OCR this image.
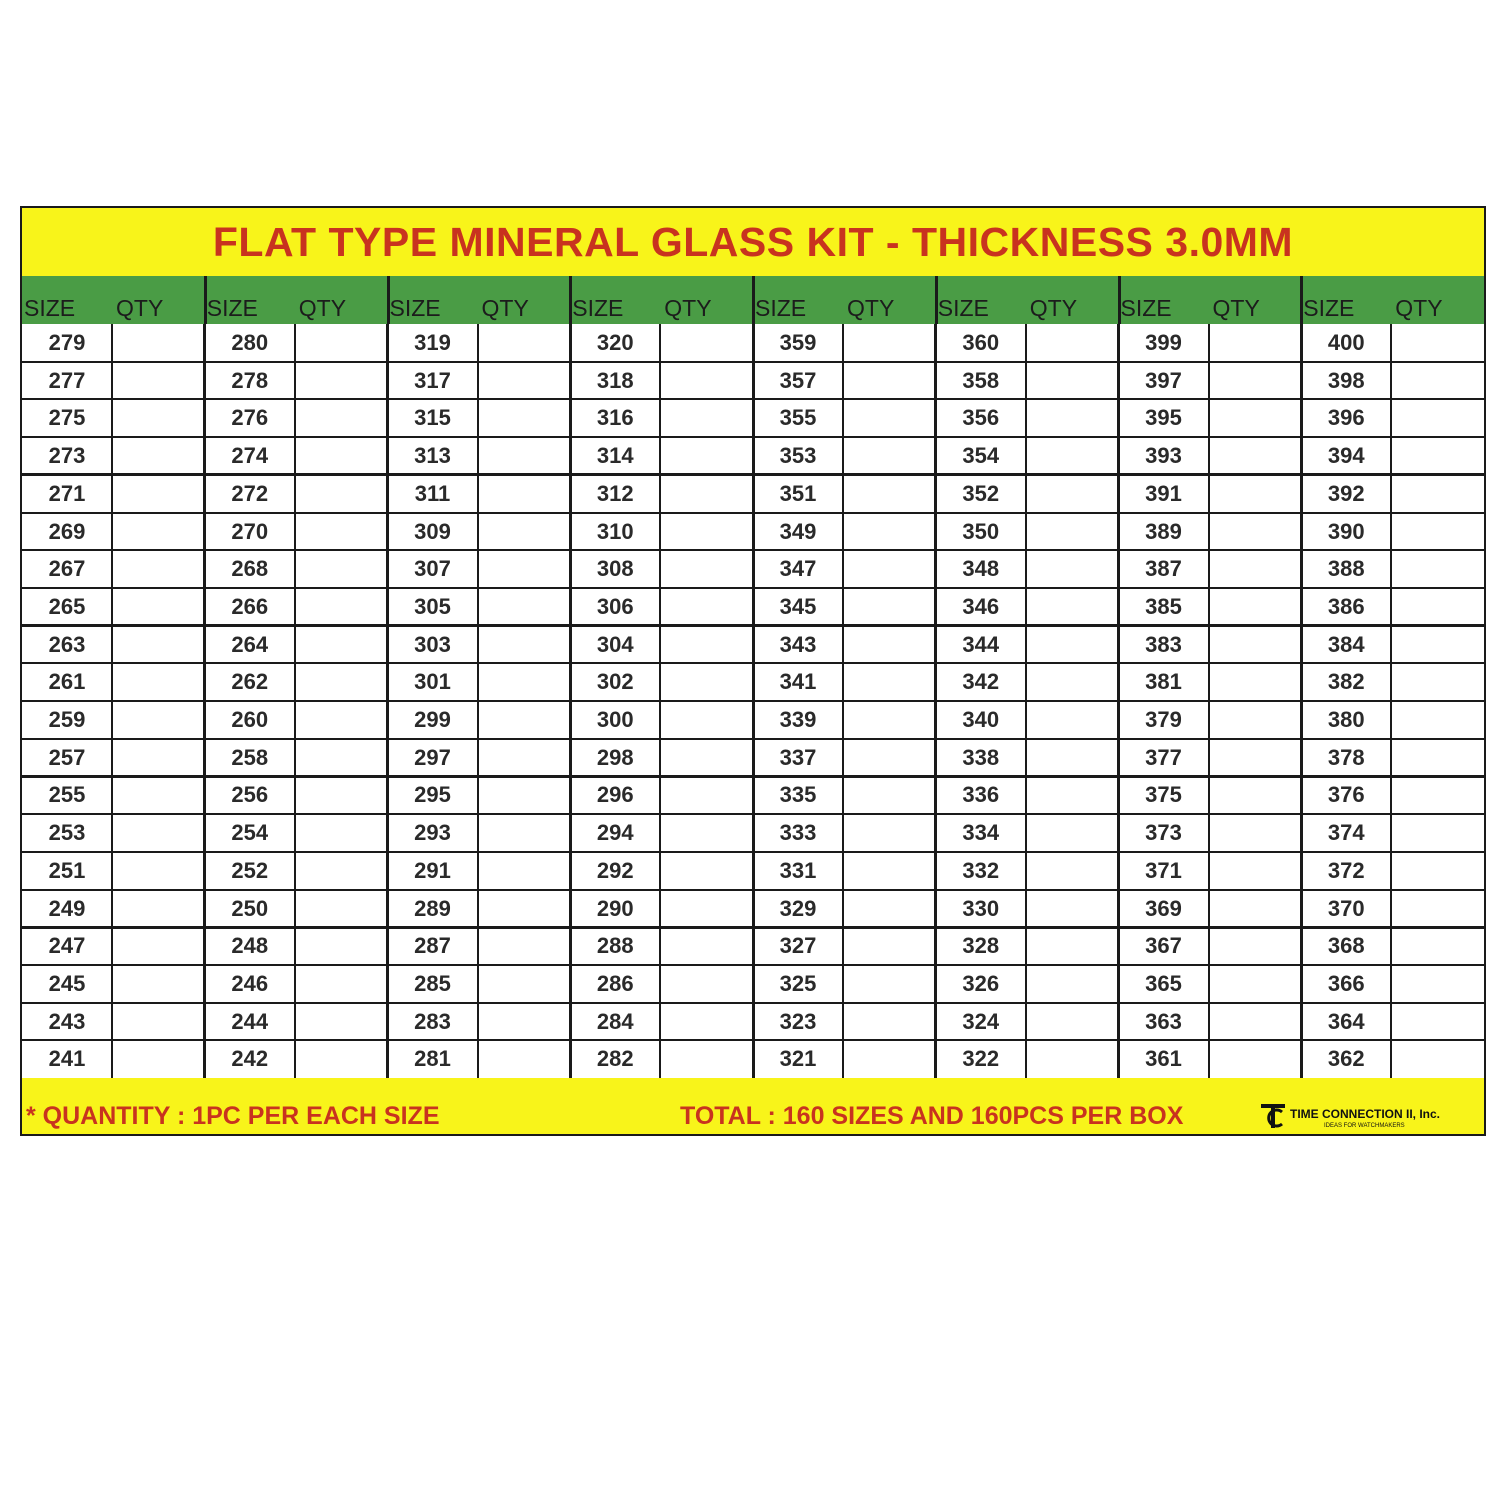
FLAT TYPE MINERAL GLASS KIT - THICKNESS 3.0MM
SIZE QTY SIZE QTY SIZE QTY SIZE QTY SIZE QTY SIZE QTY SIZE QTY SIZE QTY
279
277
275
273
271
269
267
265
263
261
259
257
255
253
251
249
247
245
243
241
280
278
276
274
272
270
268
266
264
262
260
258
256
254
252
250
248
246
244
242
319
317
315
313
311
309
307
305
303
301
299
297
295
293
291
289
287
285
283
281
320
318
316
314
312
310
308
306
304
302
300
298
296
294
292
290
288
286
284
282
359
357
355
353
351
349
347
345
343
341
339
337
335
333
331
329
327
325
323
321
360
358
356
354
352
350
348
346
344
342
340
338
336
334
332
330
328
326
324
322
399
397
395
393
391
389
387
385
383
381
379
377
375
373
371
369
367
365
363
361
400
398
396
394
392
390
388
386
384
382
380
378
376
374
372
370
368
366
364
362
* QUANTITY : 1PC PER EACH SIZE	TOTAL : 160 SIZES AND 160PCS PER BOX	TIME CONNECTION II, Inc.
IDEAS FOR WATCHMAKERS
